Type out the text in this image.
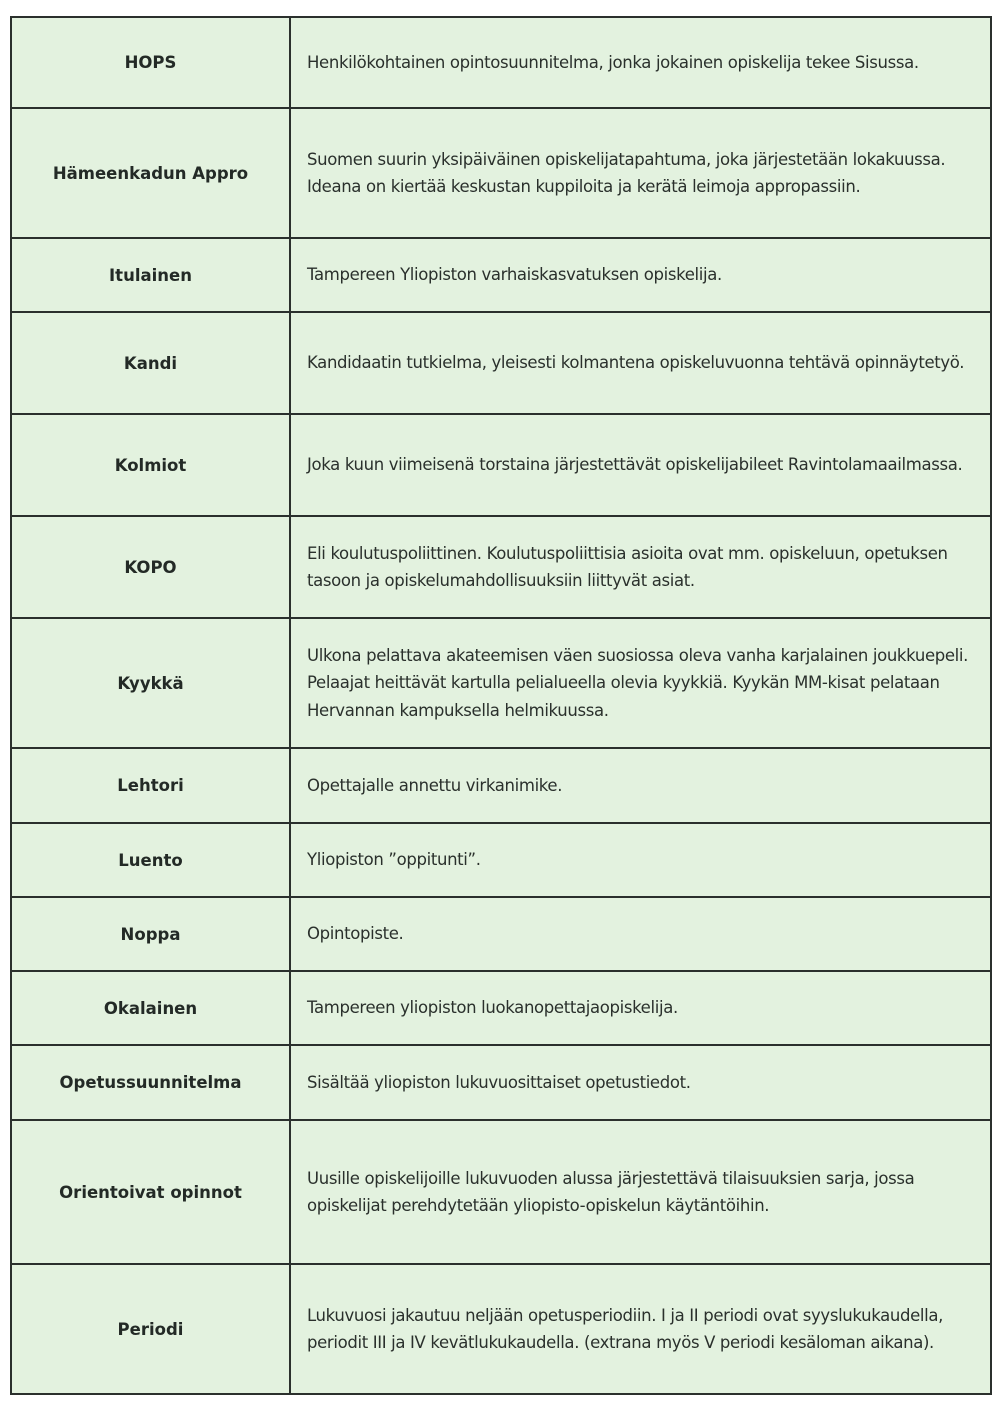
HOPS	Henkilökohtainen opintosuunnitelma, jonka jokainen opiskelija tekee Sisussa.
Hämeenkadun Appro	Suomen suurin yksipäiväinen opiskelijatapahtuma, joka järjestetään lokakuussa. Ideana on kiertää keskustan kuppiloita ja kerätä leimoja appropassiin.
Itulainen	Tampereen Yliopiston varhaiskasvatuksen opiskelija.
Kandi	Kandidaatin tutkielma, yleisesti kolmantena opiskeluvuonna tehtävä opinnäytetyö.
Kolmiot	Joka kuun viimeisenä torstaina järjestettävät opiskelijabileet Ravintolamaailmassa.
KOPO	Eli koulutuspoliittinen. Koulutuspoliittisia asioita ovat mm. opiskeluun, opetuksen tasoon ja opiskelumahdollisuuksiin liittyvät asiat.
Kyykkä	Ulkona pelattava akateemisen väen suosiossa oleva vanha karjalainen joukkuepeli. Pelaajat heittävät kartulla pelialueella olevia kyykkiä. Kyykän MM-kisat pelataan Hervannan kampuksella helmikuussa.
Lehtori	Opettajalle annettu virkanimike.
Luento	Yliopiston ”oppitunti”.
Noppa	Opintopiste.
Okalainen	Tampereen yliopiston luokanopettajaopiskelija.
Opetussuunnitelma	Sisältää yliopiston lukuvuosittaiset opetustiedot.
Orientoivat opinnot	Uusille opiskelijoille lukuvuoden alussa järjestettävä tilaisuuksien sarja, jossa opiskelijat perehdytetään yliopisto-opiskelun käytäntöihin.
Periodi	Lukuvuosi jakautuu neljään opetusperiodiin. I ja II periodi ovat syyslukukaudella, periodit III ja IV kevätlukukaudella. (extrana myös V periodi kesäloman aikana).
